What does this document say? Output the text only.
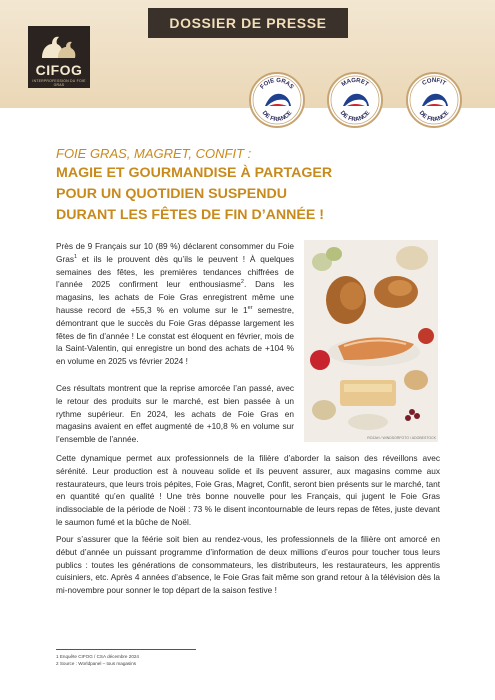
CIFOG
INTERPROFESSION DU FOIE GRAS
DOSSIER DE PRESSE
FOIE GRAS
DE FRANCE
MAGRET
DE FRANCE
CONFIT
DE FRANCE
FOIE GRAS, MAGRET, CONFIT :
MAGIE ET GOURMANDISE À PARTAGER
POUR UN QUOTIDIEN SUSPENDU
DURANT LES FÊTES DE FIN D’ANNÉE !
Près de 9 Français sur 10 (89 %) déclarent consommer du Foie Gras$^1$ et ils le prouvent dès qu’ils le peuvent ! À quelques semaines des fêtes, les premières tendances chiffrées de l’année 2025 confirment leur enthousiasme$^2$. Dans les magasins, les achats de Foie Gras enregistrent même une hausse record de +55,3 % en volume sur le 1er semestre, démontrant que le succès du Foie Gras dépasse largement les fêtes de fin d’année ! Le constat est éloquent en février, mois de la Saint-Valentin, qui enregistre un bond des achats de +104 % en volume en 2025 vs février 2024 !
ROZAH / WINDSORFOTO / ADOBESTOCK
Ces résultats montrent que la reprise amorcée l’an passé, avec le retour des produits sur le marché, est bien passée à un rythme supérieur. En 2024, les achats de Foie Gras en magasins avaient en effet augmenté de +10,8 % en volume sur l’ensemble de l’année.
Cette dynamique permet aux professionnels de la filière d’aborder la saison des réveillons avec sérénité. Leur production est à nouveau solide et ils peuvent assurer, aux magasins comme aux restaurateurs, que leurs trois pépites, Foie Gras, Magret, Confit, seront bien présents sur le marché, tant en quantité qu’en qualité ! Une très bonne nouvelle pour les Français, qui jugent le Foie Gras indissociable de la période de Noël : 73 % le disent incontournable de leurs repas de fêtes, juste devant le saumon fumé et la bûche de Noël.
Pour s’assurer que la féérie soit bien au rendez-vous, les professionnels de la filière ont amorcé en début d’année un puissant programme d’information de deux millions d’euros pour toucher tous leurs publics : toutes les générations de consommateurs, les distributeurs, les restaurateurs, les apprentis cuisiniers, etc. Après 4 années d’absence, le Foie Gras fait même son grand retour à la télévision dès la mi-novembre pour sonner le top départ de la saison festive !
1 Enquête CIFOG / CSA décembre 2024
2 Source : Worldpanel – tous magasins
